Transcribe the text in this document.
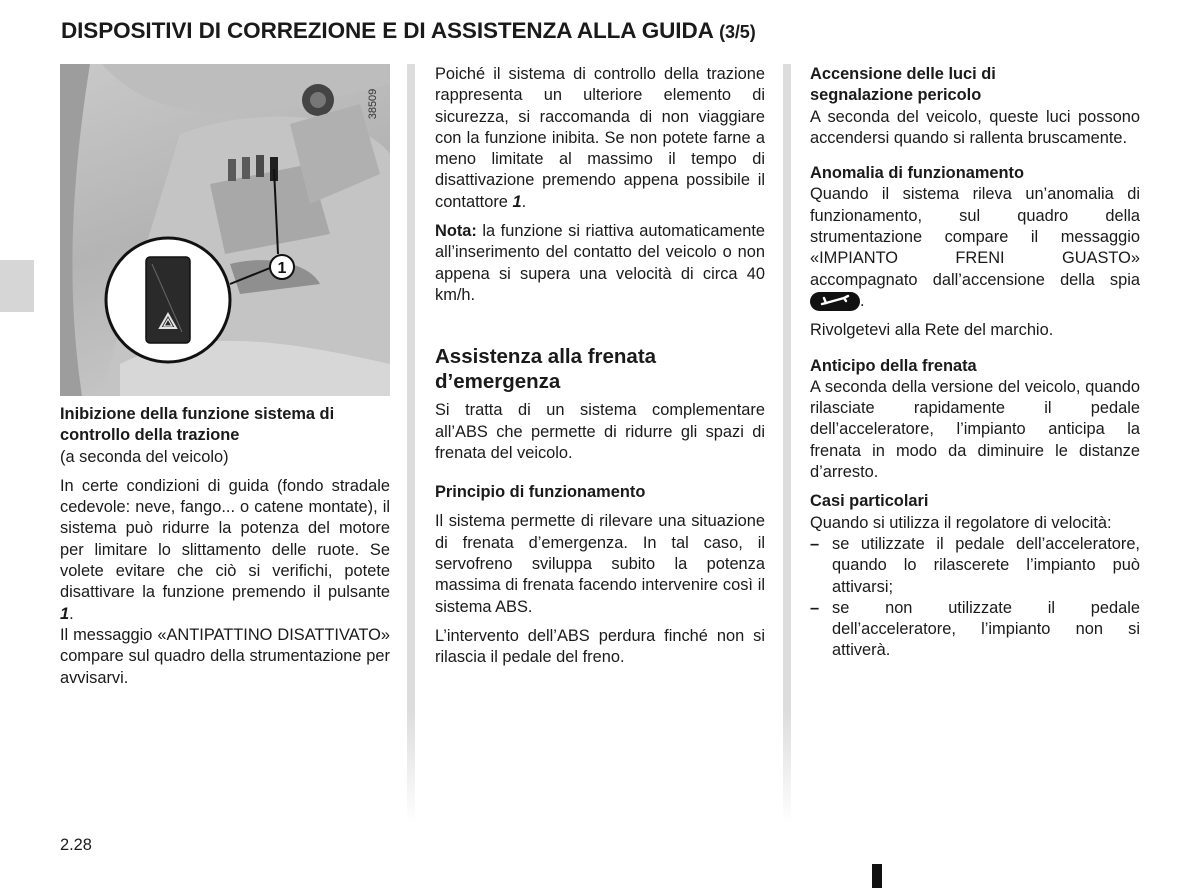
DISPOSITIVI DI CORREZIONE E DI ASSISTENZA ALLA GUIDA (3/5)
1
38509

Inibizione della funzione sistema di
controllo della trazione

(a seconda del veicolo)

In certe condizioni di guida (fondo stradale cedevole: neve, fango... o catene montate), il sistema può ridurre la potenza del motore per limitare lo slittamento delle ruote. Se volete evitare che ciò si verifichi, potete disattivare la funzione premendo il pulsante 1.

Il messaggio «ANTIPATTINO DISATTIVATO» compare sul quadro della strumentazione per avvisarvi.

Poiché il sistema di controllo della trazione rappresenta un ulteriore elemento di sicurezza, si raccomanda di non viaggiare con la funzione inibita. Se non potete farne a meno limitate al massimo il tempo di disattivazione premendo appena possibile il contattore 1.

Nota: la funzione si riattiva automaticamente all’inserimento del contatto del veicolo o non appena si supera una velocità di circa 40 km/h.

Assistenza alla frenata d’emergenza

Si tratta di un sistema complementare all’ABS che permette di ridurre gli spazi di frenata del veicolo.

Principio di funzionamento

Il sistema permette di rilevare una situazione di frenata d’emergenza. In tal caso, il servofreno sviluppa subito la potenza massima di frenata facendo intervenire così il sistema ABS.

L’intervento dell’ABS perdura finché non si rilascia il pedale del freno.

Accensione delle luci di
segnalazione pericolo

A seconda del veicolo, queste luci possono accendersi quando si rallenta bruscamente.

Anomalia di funzionamento

Quando il sistema rileva un’anomalia di funzionamento, sul quadro della strumentazione compare il messaggio «IMPIANTO FRENI GUASTO» accompagnato dall’accensione della spia .

Rivolgetevi alla Rete del marchio.

Anticipo della frenata

A seconda della versione del veicolo, quando rilasciate rapidamente il pedale dell’acceleratore, l’impianto anticipa la frenata in modo da diminuire le distanze d’arresto.

Casi particolari

Quando si utilizza il regolatore di velocità:

– se utilizzate il pedale dell’acceleratore, quando lo rilascerete l’impianto può attivarsi;
– se non utilizzate il pedale dell’acceleratore, l’impianto non si attiverà.
2.28
